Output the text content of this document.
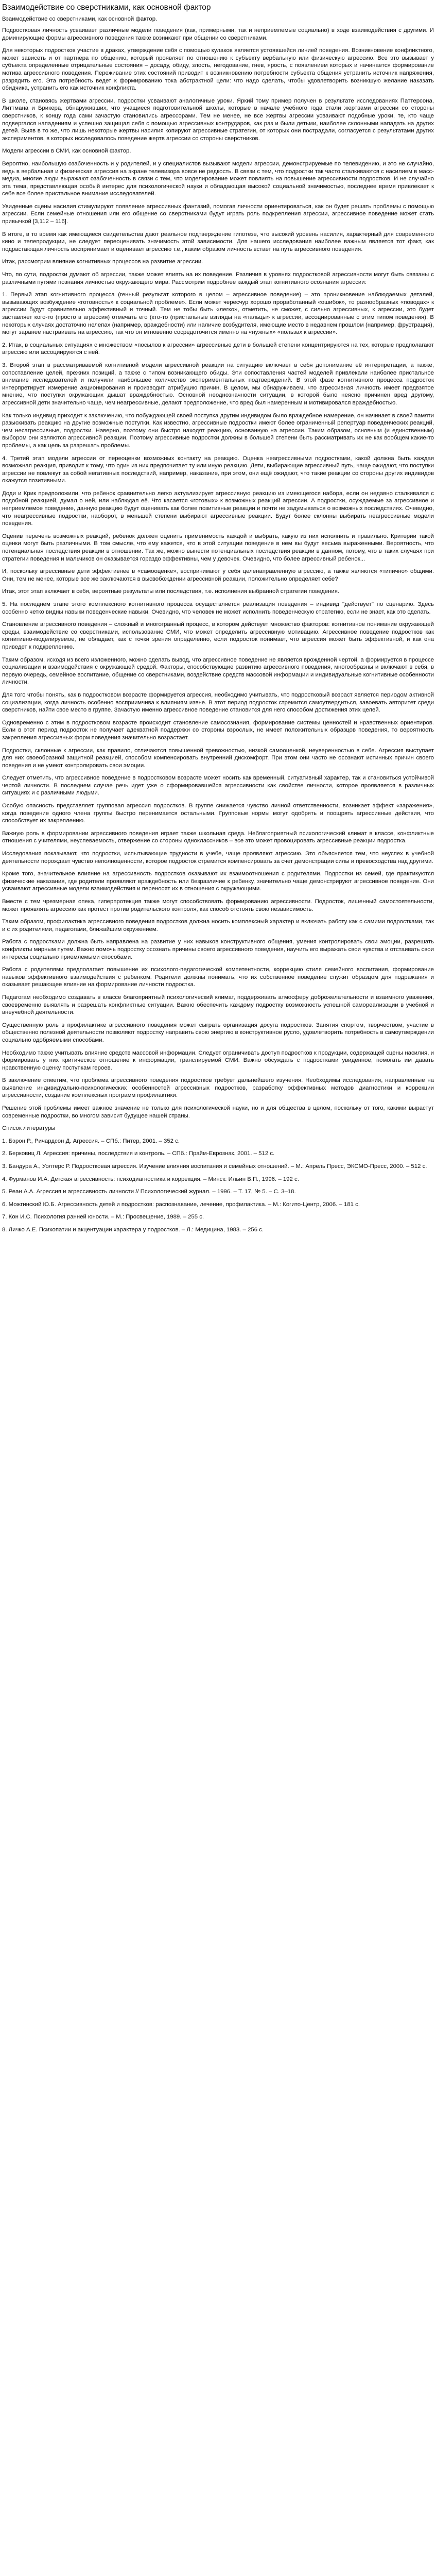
Взаимодействие со сверстниками, как основной фактор
Взаимодействие со сверстниками, как основной фактор.

Подростковая личность усваивает различные модели поведения (как, примерными, так и неприемлемые социально) в ходе взаимодействия с другими. И доминирующие формы агрессивного поведения также возникают при общении со сверстниками.

Для некоторых подростков участие в драках, утверждение себя с помощью кулаков является устоявшейся линией поведения. Возникновение конфликтного, может зависеть и от партнера по общению, который проявляет по отношению к субъекту вербальную или физическую агрессию. Все это вызывает у субъекта определенные отрицательные состояния – досаду, обиду, злость, негодование, гнев, ярость, с появлением которых и начинается формирование мотива агрессивного поведения. Переживание этих состояний приводит к возникновению потребности субъекта общения устранить источник напряжения, разрядить его. Эта потребность ведет к формированию тока абстрактной цели: что надо сделать, чтобы удовлетворить возникшую желание наказать обидчика, устранить его как источник конфликта.

В школе, становясь жертвами агрессии, подростки усваивают аналогичные уроки. Яркий тому пример получен в результате исследованиях Паттерсона, Литтмана и Брикера, обнаруживших, что учащиеся подготовительной школы, которые в начале учебного года стали жертвами агрессии со стороны сверстников, к концу года сами зачастую становились агрессорами. Тем не менее, не все жертвы агрессии усваивают подобные уроки, те, кто чаще подвергался нападениям и успешно защищал себя с помощью агрессивных контрударов, как раз и были детьми, наиболее склонными нападать на других детей. Выяв в то же, что лишь некоторые жертвы насилия копируют агрессивные стратегии, от которых они пострадали, согласуется с результатами других экспериментов, в которых исследовалось поведение жертв агрессии со стороны сверстников.

Модели агрессии в СМИ, как основной фактор.

Вероятно, наибольшую озабоченность и у родителей, и у специалистов вызывают модели агрессии, демонстрируемые по телевидению, и это не случайно, ведь в вербальная и физическая агрессия на экране телевизора вовсе не редкость. В связи с тем, что подростки так часто сталкиваются с насилием в масс-медиа, многие люди выражают озабоченность в связи с тем, что моделирование может повлиять на повышение агрессивности подростков. И не случайно эта тема, представляющая особый интерес для психологической науки и обладающая высокой социальной значимостью, последнее время привлекает к себе все более пристальное внимание исследователей.

Увиденные сцены насилия стимулируют появление агрессивных фантазий, помогая личности ориентироваться, как он будет решать проблемы с помощью агрессии. Если семейные отношения или его общение со сверстниками будут играть роль подкрепления агрессии, агрессивное поведение может стать привычкой [3,112 – 116].

В итоге, в то время как имеющиеся свидетельства дают реальное подтверждение гипотезе, что высокий уровень насилия, характерный для современного кино и телепродукции, не следует переоценивать значимость этой зависимости. Для нашего исследования наиболее важным является тот факт, как подрастающая личность воспринимает и оценивает агрессию т.е., каким образом личность встает на путь агрессивного поведения.

Итак, рассмотрим влияние когнитивных процессов на развитие агрессии.

Что, по сути, подростки думают об агрессии, также может влиять на их поведение. Различия в уровнях подростковой агрессивности могут быть связаны с различными путями познания личностью окружающего мира. Рассмотрим подробнее каждый этап когнитивного осознания агрессии:

1. Первый этап когнитивного процесса (генный результат которого в целом – агрессивное поведение) – это проникновение наблюдаемых деталей, вызывающих возбуждение «готовность» к социальной проблеме». Если может чересчур хорошо проработанный «ошибок», то разнообразных «поводах» к агрессии будут сравнительно эффективный и точный. Тем не тобы быть «легко», отметить, не сможет, с сильно агрессивных, к агрессии, это будет заставляет кого-то (просто в агрессия) отмечать его (кто-то (пристальные взгляды на «пальцы» к агрессии, ассоциированные с этим типом поведения). В некоторых случаях достаточно нелепах (например, враждебности) или наличие возбудителя, имеющие место в недавнем прошлом (например, фрустрация), могут заранее настраивать на агрессию, так что он мгновенно сосредоточится именно на «нужных» «пользах к агрессии».

2. Итак, в социальных ситуациях с множеством «посылов к агрессии» агрессивные дети в большей степени концентрируются на тех, которые предполагают агрессию или ассоциируются с ней.

3. Второй этап в рассматриваемой когнитивной модели агрессивной реакции на ситуацию включает в себя допонимание её интерпретации, а также, сопоставление целей, прежних позиций, а также с типом возникающего обиды. Эти сопоставления частей моделей привлекали наиболее пристальное внимание исследователей и получили наибольшее количество экспериментальных подтверждений. В этой фазе когнитивного процесса подросток интерпретирует измерение акционирования и производит атрибуцию причин. В целом, мы обнаруживаем, что агрессивная личность имеет предвзятое мнение, что поступки окружающих дышат враждебностью. Основной неоднозначности ситуации, в которой было неясно причинен вред другому, агрессивной дети значительно чаще, чем неагрессивные, делают предположение, что вред был намеренным и мотивировался враждебностью.

Как только индивид приходит к заключению, что побуждающей своей поступка другим индивидом было враждебное намерение, он начинает в своей памяти разыскивать реакцию на другие возможные поступки. Как известно, агрессивные подростки имеют более ограниченный репертуар поведенческих реакций, чем несагрессивные, подростки. Наверно, поэтому они быстро находят реакцию, основанную на агрессии. Таким образом, основным (и единственным) выбором они являются агрессивной реакции. Поэтому агрессивные подростки должны в большей степени быть рассматривать их не как вообщем какие-то проблемы, а как цель за разрешать проблемы.

4. Третий этап модели агрессии от переоценки возможных контакту на реакцию. Оценка неагрессивными подростками, какой должна быть каждая возможная реакция, приводит к тому, что один из них предпочитает ту или иную реакцию. Дети, выбирающие агрессивный путь, чаще ожидают, что поступки агрессии не повлекут за собой негативных последствий, например, наказание, при этом, они ещё ожидают, что такие реакции со стороны других индивидов окажутся позитивными.

Доди и Крик предположили, что ребенок сравнительно легко актуализирует агрессивную реакцию из имеющегося набора, если он недавно сталкивался с подобной реакцией, думал о ней, или наблюдал её. Что касается «готовых» к возможных реакций агрессии. А подростки, осуждаемые за агрессивное и неприемлемое поведение, данную реакцию будут оценивать как более позитивные реакции и почти не задумываться о возможных последствиях. Очевидно, что неагрессивные подростки, наоборот, в меньшей степени выбирают агрессивные реакции. Будут более склонны выбирать неагрессивные модели поведения.

Оценив перечень возможных реакций, ребенок должен оценить применимость каждой и выбрать, какую из них исполнить и правильно. Критерии такой оценки могут быть различными. В том смысле, что ему кажется, что в этой ситуации поведение в нем вы будут весьма выраженными. Вероятность, что потенциальная последствия реакции в отношении. Так же, можно вынести потенциальных последствия реакции в данном, потому, что в таких случаях при стратегии поведения и мальчиков он оказывается гораздо эффективны, чем у девочек. Очевидно, что более агрессивный ребенок...

И, поскольку агрессивные дети эффективнее в «самооценке», воспринимают у себя целенаправленную агрессию, а также являются «типично» общими. Они, тем не менее, которые все же заключаются в высвобождении агрессивной реакции, положительно определяет себе?

Итак, этот этап включает в себя, вероятные результаты или последствия, т.е. исполнения выбранной стратегии поведения.

5. На последнем этапе этого комплексного когнитивного процесса осуществляется реализация поведения – индивид "действует" по сценарию. Здесь особенно четко видны навыки поведенческие навыки. Очевидно, что человек не может исполнить поведенческую стратегию, если не знает, как это сделать.

Становление агрессивного поведения – сложный и многогранный процесс, в котором действует множество факторов: когнитивное понимание окружающей среды, взаимодействие со сверстниками, использование СМИ, что может определить агрессивную мотивацию. Агрессивное поведение подростков как когнитивно-моделируемое, не обладает, как с точки зрения определенно, если подросток понимает, что агрессия может быть эффективной, и как она приведет к подкреплению.

Таким образом, исходя из всего изложенного, можно сделать вывод, что агрессивное поведение не является врожденной чертой, а формируется в процессе социализации и взаимодействия с окружающей средой. Факторы, способствующие развитию агрессивного поведения, многообразны и включают в себя, в первую очередь, семейное воспитание, общение со сверстниками, воздействие средств массовой информации и индивидуальные когнитивные особенности личности.

Для того чтобы понять, как в подростковом возрасте формируется агрессия, необходимо учитывать, что подростковый возраст является периодом активной социализации, когда личность особенно восприимчива к влияниям извне. В этот период подросток стремится самоутвердиться, завоевать авторитет среди сверстников, найти свое место в группе. Зачастую именно агрессивное поведение становится для него способом достижения этих целей.

Одновременно с этим в подростковом возрасте происходит становление самосознания, формирование системы ценностей и нравственных ориентиров. Если в этот период подросток не получает адекватной поддержки со стороны взрослых, не имеет положительных образцов поведения, то вероятность закрепления агрессивных форм поведения значительно возрастает.

Подростки, склонные к агрессии, как правило, отличаются повышенной тревожностью, низкой самооценкой, неуверенностью в себе. Агрессия выступает для них своеобразной защитной реакцией, способом компенсировать внутренний дискомфорт. При этом они часто не осознают истинных причин своего поведения и не умеют контролировать свои эмоции.

Следует отметить, что агрессивное поведение в подростковом возрасте может носить как временный, ситуативный характер, так и становиться устойчивой чертой личности. В последнем случае речь идет уже о сформировавшейся агрессивности как свойстве личности, которое проявляется в различных ситуациях и с различными людьми.

Особую опасность представляет групповая агрессия подростков. В группе снижается чувство личной ответственности, возникает эффект «заражения», когда поведение одного члена группы быстро перенимается остальными. Групповые нормы могут одобрять и поощрять агрессивные действия, что способствует их закреплению.

Важную роль в формировании агрессивного поведения играет также школьная среда. Неблагоприятный психологический климат в классе, конфликтные отношения с учителями, неуспеваемость, отвержение со стороны одноклассников – все это может провоцировать агрессивные реакции подростка.

Исследования показывают, что подростки, испытывающие трудности в учебе, чаще проявляют агрессию. Это объясняется тем, что неуспех в учебной деятельности порождает чувство неполноценности, которое подросток стремится компенсировать за счет демонстрации силы и превосходства над другими.

Кроме того, значительное влияние на агрессивность подростков оказывают их взаимоотношения с родителями. Подростки из семей, где практикуются физические наказания, где родители проявляют враждебность или безразличие к ребенку, значительно чаще демонстрируют агрессивное поведение. Они усваивают агрессивные модели взаимодействия и переносят их в отношения с окружающими.

Вместе с тем чрезмерная опека, гиперпротекция также могут способствовать формированию агрессивности. Подросток, лишенный самостоятельности, может проявлять агрессию как протест против родительского контроля, как способ отстоять свою независимость.

Таким образом, профилактика агрессивного поведения подростков должна носить комплексный характер и включать работу как с самими подростками, так и с их родителями, педагогами, ближайшим окружением.

Работа с подростками должна быть направлена на развитие у них навыков конструктивного общения, умения контролировать свои эмоции, разрешать конфликты мирным путем. Важно помочь подростку осознать причины своего агрессивного поведения, научить его выражать свои чувства и отстаивать свои интересы социально приемлемыми способами.

Работа с родителями предполагает повышение их психолого-педагогической компетентности, коррекцию стиля семейного воспитания, формирование навыков эффективного взаимодействия с ребенком. Родители должны понимать, что их собственное поведение служит образцом для подражания и оказывает решающее влияние на формирование личности подростка.

Педагогам необходимо создавать в классе благоприятный психологический климат, поддерживать атмосферу доброжелательности и взаимного уважения, своевременно выявлять и разрешать конфликтные ситуации. Важно обеспечить каждому подростку возможность успешной самореализации в учебной и внеучебной деятельности.

Существенную роль в профилактике агрессивного поведения может сыграть организация досуга подростков. Занятия спортом, творчеством, участие в общественно полезной деятельности позволяют подростку направить свою энергию в конструктивное русло, удовлетворить потребность в самоутверждении социально одобряемыми способами.

Необходимо также учитывать влияние средств массовой информации. Следует ограничивать доступ подростков к продукции, содержащей сцены насилия, и формировать у них критическое отношение к информации, транслируемой СМИ. Важно обсуждать с подростками увиденное, помогать им давать нравственную оценку поступкам героев.

В заключение отметим, что проблема агрессивного поведения подростков требует дальнейшего изучения. Необходимы исследования, направленные на выявление индивидуально-психологических особенностей агрессивных подростков, разработку эффективных методов диагностики и коррекции агрессивности, создание комплексных программ профилактики.

Решение этой проблемы имеет важное значение не только для психологической науки, но и для общества в целом, поскольку от того, какими вырастут современные подростки, во многом зависит будущее нашей страны.

Список литературы

1. Бэрон Р., Ричардсон Д. Агрессия. – СПб.: Питер, 2001. – 352 с.

2. Берковиц Л. Агрессия: причины, последствия и контроль. – СПб.: Прайм-Еврознак, 2001. – 512 с.

3. Бандура А., Уолтерс Р. Подростковая агрессия. Изучение влияния воспитания и семейных отношений. – М.: Апрель Пресс, ЭКСМО-Пресс, 2000. – 512 с.

4. Фурманов И.А. Детская агрессивность: психодиагностика и коррекция. – Минск: Ильин В.П., 1996. – 192 с.

5. Реан А.А. Агрессия и агрессивность личности // Психологический журнал. – 1996. – Т. 17, № 5. – С. 3–18.

6. Можгинский Ю.Б. Агрессивность детей и подростков: распознавание, лечение, профилактика. – М.: Когито-Центр, 2006. – 181 с.

7. Кон И.С. Психология ранней юности. – М.: Просвещение, 1989. – 255 с.

8. Личко А.Е. Психопатии и акцентуации характера у подростков. – Л.: Медицина, 1983. – 256 с.
